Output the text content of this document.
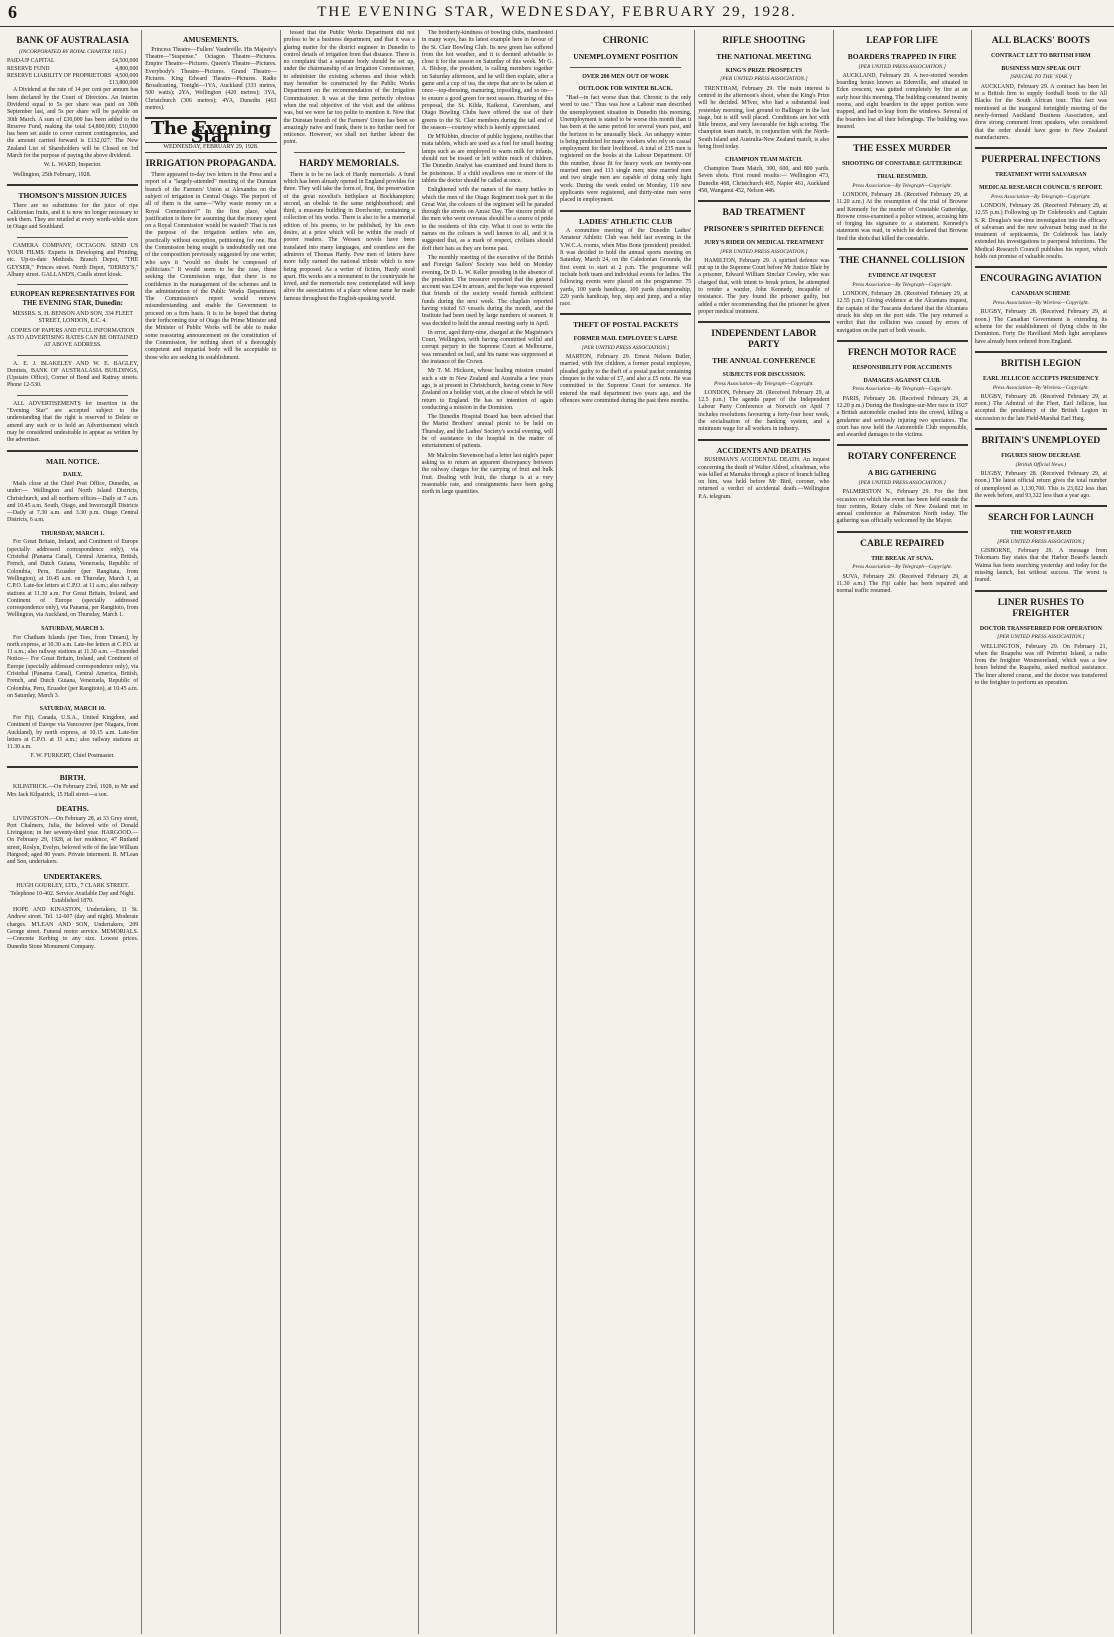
6	THE EVENING STAR, WEDNESDAY, FEBRUARY 29, 1928.
BANK OF AUSTRALASIA
(INCORPORATED BY ROYAL CHARTER 1835.)
PAID-UP CAPITAL	£4,500,000
RESERVE FUND	4,800,000
RESERVE LIABILITY OF PROPRIETORS 4,500,000
£13,800,000

A Dividend at the rate of 14 per cent per annum has been declared by the Court of Directors. An Interim Dividend equal to 5s per share was paid on 30th September last, and 5s per share will be payable on 30th March. A sum of £30,000 has been added to the Reserve Fund, making the total £4,800,000; £10,000 has been set aside to cover current contingencies, and the amount carried forward is £132,027. The New Zealand List of Shareholders will be Closed on 3rd March for the purpose of paying the above dividend.

W. L. WARD, Inspector.

Wellington, 25th February, 1928.

THOMSON'S MISSION JUICES

There are no substitutes for the juice of ripe Californian fruits, and it is now no longer necessary to seek them. They are retailed at every worth-while store in Otago and Southland.

CAMERA COMPANY, OCTAGON. SEND US YOUR FILMS. Experts in Developing and Printing, etc. Up-to-date Methods. Branch Depot, "THE GEYSER," Princes street. North Depot, "DERBY'S," Albany street. GALLAND'S, Caulls street kiosk.

EUROPEAN REPRESENTATIVES FOR THE EVENING STAR, Dunedin:

MESSRS. S. H. BENSON AND SON, 334 FLEET STREET, LONDON, E.C. 4.

COPIES OF PAPERS AND FULL INFORMATION AS TO ADVERTISING RATES CAN BE OBTAINED AT ABOVE ADDRESS.

A. E. J. BLAKELEY AND W. E. BAGLEY, Dentists, BANK OF AUSTRALASIA BUILDINGS, (Upstairs Office), Corner of Bond and Rattray streets. Phone 12-530.

ALL ADVERTISEMENTS for insertion in the "Evening Star" are accepted subject to the understanding that the right is reserved to Delete or amend any such or to hold an Advertisement which may be considered undesirable to appear as written by the advertiser.

MAIL NOTICE.
DAILY.

Mails close at the Chief Post Office, Dunedin, as under:— Wellington and North Island Districts, Christchurch, and all northern offices—Daily at 7 a.m. and 10.45 a.m. South, Otago, and Invercargill Districts—Daily at 7.30 a.m. and 3.30 p.m. Otago Central Districts, 6 a.m.

THURSDAY, MARCH 1.

For Great Britain, Ireland, and Continent of Europe (specially addressed correspondence only), via Cristobal (Panama Canal), Central America, British, French, and Dutch Guiana, Venezuela, Republic of Colombia, Peru, Ecuador (per Rangitata, from Wellington), at 10.45 a.m. on Thursday, March 1, at C.P.O. Late-fee letters at C.P.O. at 11 a.m.; also railway stations at 11.30 a.m. For Great Britain, Ireland, and Continent of Europe (specially addressed correspondence only), via Panama, per Rangitoto, from Wellington, via Auckland, on Thursday, March 1.

SATURDAY, MARCH 3.

For Chatham Islands (per Tees, from Timaru), by north express, at 10.30 a.m. Late-fee letters at C.P.O. at 11 a.m.; also railway stations at 11.30 a.m. —Extended Notice— For Great Britain, Ireland, and Continent of Europe (specially addressed correspondence only), via Cristobal (Panama Canal), Central America, British, French, and Dutch Guiana, Venezuela, Republic of Colombia, Peru, Ecuador (per Rangitoto), at 10.45 a.m. on Saturday, March 3.

SATURDAY, MARCH 10.

For Fiji, Canada, U.S.A., United Kingdom, and Continent of Europe via Vancouver (per Niagara, from Auckland), by north express, at 10.15 a.m. Late-fee letters at C.P.O. at 11 a.m.; also railway stations at 11.30 a.m.

F. W. FURKERT, Chief Postmaster.

BIRTH.

KILPATRICK.—On February 23rd, 1928, to Mr and Mrs Jack Kilpatrick, 15 Hall street—a son.

DEATHS.

LIVINGSTON.—On February 28, at 33 Grey street, Port Chalmers, Julia, the beloved wife of Donald Livingston; in her seventy-third year. HARGOOD.—On February 29, 1928, at her residence, 47 Rutland street, Roslyn, Evelyn, beloved wife of the late William Hargood; aged 80 years. Private interment. R. M'Lean and Son, undertakers.

UNDERTAKERS.

HUGH GOURLEY, LTD., 7 CLARK STREET. Telephone 10-402. Service Available Day and Night. Established 1870.

HOPE AND KINASTON, Undertakers, 11 St. Andrew street. Tel. 12-607 (day and night). Moderate charges. M'LEAN AND SON, Undertakers, 209 George street. Funeral motor service. MEMORIALS.—Concrete Kerbing to any size. Lowest prices. Dunedin Stone Monument Company.

AMUSEMENTS.

Princess Theatre—Fullers' Vaudeville. His Majesty's Theatre—"Suspense." Octagon Theatre—Pictures. Empire Theatre—Pictures. Queen's Theatre—Pictures. Everybody's Theatre—Pictures. Grand Theatre—Pictures. King Edward Theatre—Pictures. Radio Broadcasting, Tonight—1YA, Auckland (333 metres, 500 watts); 2YA, Wellington (420 metres); 3YA, Christchurch (306 metres); 4YA, Dunedin (463 metres).

The Evening Star
WEDNESDAY, FEBRUARY 29, 1928.
IRRIGATION PROPAGANDA.

There appeared to-day two letters in the Press and a report of a "largely-attended" meeting of the Dunstan branch of the Farmers' Union at Alexandra on the subject of irrigation in Central Otago. The purport of all of them is the same—"Why waste money on a Royal Commission?" In the first place, what justification is there for assuming that the money spent on a Royal Commission would be wasted? That is not the purpose of the irrigation settlers who are, practically without exception, petitioning for one. But the Commission being sought is undoubtedly not one of the composition previously suggested by one writer, who says it "would no doubt be composed of politicians." It would seem to be the case, those seeking the Commission urge, that there is no confidence in the management of the schemes and in the administration of the Public Works Department. The Commission's report would remove misunderstanding and enable the Government to proceed on a firm basis. It is to be hoped that during their forthcoming tour of Otago the Prime Minister and the Minister of Public Works will be able to make some reassuring announcement on the constitution of the Commission, for nothing short of a thoroughly competent and impartial body will be acceptable to those who are seeking its establishment.

fessed that the Public Works Department did not profess to be a business department, and that it was a glaring matter for the district engineer in Dunedin to control details of irrigation from that distance. There is no complaint that a separate body should be set up, under the chairmanship of an Irrigation Commissioner, to administer the existing schemes and those which may hereafter be constructed by the Public Works Department on the recommendation of the Irrigation Commissioner. It was at the time perfectly obvious when the real objective of the visit and the address was, but we were far too polite to mention it. Now that the Dunstan branch of the Farmers' Union has been so amazingly naive and frank, there is no further need for reticence. However, we shall not further labour the point.

HARDY MEMORIALS.

There is to be no lack of Hardy memorials. A fund which has been already opened in England provides for three. They will take the form of, first, the preservation of the great novelist's birthplace at Bockhampton; second, an obelisk in the same neighbourhood; and third, a museum building in Dorchester, containing a collection of his works. There is also to be a memorial edition of his poems, to be published, by his own desire, at a price which will be within the reach of poorer readers. The Wessex novels have been translated into many languages, and countless are the admirers of Thomas Hardy. Few men of letters have more fully earned the national tribute which is now being proposed. As a writer of fiction, Hardy stood apart. His works are a monument to the countryside he loved, and the memorials now contemplated will keep alive the associations of a place whose name he made famous throughout the English-speaking world.

The brotherly-kindness of bowling clubs, manifested in many ways, has its latest example here in favour of the St. Clair Bowling Club. Its new green has suffered from the hot weather, and it is deemed advisable to close it for the season on Saturday of this week. Mr G. A. Bishop, the president, is calling members together on Saturday afternoon, and he will then explain, after a game and a cup of tea, the steps that are to be taken at once—top-dressing, manuring, topsoiling, and so on—to ensure a good green for next season. Hearing of this proposal, the St. Kilda, Kaikorai, Caversham, and Otago Bowling Clubs have offered the use of their greens to the St. Clair members during the tail end of the season—courtesy which is keenly appreciated.

Dr M'Kibbin, director of public hygiene, notifies that mata tablets, which are used as a fuel for small heating lamps such as are employed to warm milk for infants, should not be tossed or left within reach of children. The Dunedin Analyst has examined and found them to be poisonous. If a child swallows one or more of the tablets the doctor should be called at once.

Enlightened with the names of the many battles in which the men of the Otago Regiment took part in the Great War, the colours of the regiment will be paraded through the streets on Anzac Day. The sincere pride of the men who went overseas should be a source of pride to the residents of this city. What it cost to write the names on the colours is well known to all, and it is suggested that, as a mark of respect, civilians should doff their hats as they are borne past.

The monthly meeting of the executive of the British and Foreign Sailors' Society was held on Monday evening, Dr D. L. W. Keller presiding in the absence of the president. The treasurer reported that the general account was £24 in arrears, and the hope was expressed that friends of the society would furnish sufficient funds during the next week. The chaplain reported having visited 63 vessels during the month, and the Institute had been used by large numbers of seamen. It was decided to hold the annual meeting early in April.

In error, aged thirty-nine, charged at the Magistrate's Court, Wellington, with having committed wilful and corrupt perjury in the Supreme Court at Melbourne, was remanded on bail, and his name was suppressed at the instance of the Crown.

Mr T. M. Hickson, whose healing mission created such a stir in New Zealand and Australia a few years ago, is at present in Christchurch, having come to New Zealand on a holiday visit, at the close of which he will return to England. He has no intention of again conducting a mission in the Dominion.

The Dunedin Hospital Board has been advised that the Marist Brothers' annual picnic to be held on Thursday, and the Ladies' Society's social evening, will be of assistance to the hospital in the matter of entertainment of patients.

Mr Malcolm Stevenson had a letter last night's paper asking us to return an apparent discrepancy between the railway charges for the carrying of fruit and bulk fruit. Dealing with fruit, the charge is at a very reasonable rate, and consignments have been going north in large quantities.

CHRONIC
UNEMPLOYMENT POSITION
OVER 200 MEN OUT OF WORK
OUTLOOK FOR WINTER BLACK.

"Bad—in fact worse than that. Chronic is the only word to use." Thus was how a Labour man described the unemployment situation in Dunedin this morning. Unemployment is stated to be worse this month than it has been at the same period for several years past, and the horizon to be unusually black. An unhappy winter is being predicted for many workers who rely on casual employment for their livelihood. A total of 235 men is registered on the books at the Labour Department. Of this number, those fit for heavy work are twenty-one married men and 113 single men; nine married men and two single men are capable of doing only light work. During the week ended on Monday, 119 new applicants were registered, and thirty-nine men were placed in employment.

LADIES' ATHLETIC CLUB

A committee meeting of the Dunedin Ladies' Amateur Athletic Club was held last evening in the Y.W.C.A. rooms, when Miss Bone (president) presided. It was decided to hold the annual sports meeting on Saturday, March 24, on the Caledonian Grounds, the first event to start at 2 p.m. The programme will include both team and individual events for ladies. The following events were placed on the programme: 75 yards, 100 yards handicap, 100 yards championship, 220 yards handicap, hop, step and jump, and a relay race.

THEFT OF POSTAL PACKETS
FORMER MAIL EMPLOYEE'S LAPSE
[PER UNITED PRESS ASSOCIATION.]

MARTON, February 29. Ernest Nelson Butler, married, with five children, a former postal employee, pleaded guilty to the theft of a postal packet containing cheques to the value of £7, and also a £5 note. He was committed to the Supreme Court for sentence. He entered the mail department two years ago, and the offences were committed during the past three months.

RIFLE SHOOTING
THE NATIONAL MEETING
KING'S PRIZE PROSPECTS
[PER UNITED PRESS ASSOCIATION.]

TRENTHAM, February 29. The main interest is centred in the afternoon's shoot, when the King's Prize will be decided. M'Iver, who had a substantial lead yesterday morning, lost ground to Ballinger in the last stage, but is still well placed. Conditions are hot with little breeze, and very favourable for high scoring. The champion team match, in conjunction with the North-South Island and Australia-New Zealand match, is also being fired today.

CHAMPION TEAM MATCH.

Champion Team Match, 300, 600, and 800 yards. Seven shots. First round results:— Wellington 473, Dunedin 468, Christchurch 465, Napier 461, Auckland 458, Wanganui 452, Nelson 446.

BAD TREATMENT
PRISONER'S SPIRITED DEFENCE
JURY'S RIDER ON MEDICAL TREATMENT
[PER UNITED PRESS ASSOCIATION.]

HAMILTON, February 29. A spirited defence was put up in the Supreme Court before Mr Justice Blair by a prisoner, Edward William Sinclair Cowley, who was charged that, with intent to break prison, he attempted to render a warder, John Kennedy, incapable of resistance. The jury found the prisoner guilty, but added a rider recommending that the prisoner be given proper medical treatment.

INDEPENDENT LABOR PARTY
THE ANNUAL CONFERENCE
SUBJECTS FOR DISCUSSION.
Press Association—By Telegraph—Copyright.

LONDON, February 28. (Received February 29, at 12.5 p.m.) The agenda paper of the Independent Labour Party Conference at Norwich on April 7 includes resolutions favouring a forty-four hour week, the socialisation of the banking system, and a minimum wage for all workers in industry.

ACCIDENTS AND DEATHS

BUSHMAN'S ACCIDENTAL DEATH. An inquest concerning the death of Walter Aldred, a bushman, who was killed at Mamaku through a piece of branch falling on him, was held before Mr Bird, coroner, who returned a verdict of accidental death.—Wellington P.A. telegram.

LEAP FOR LIFE
BOARDERS TRAPPED IN FIRE
[PER UNITED PRESS ASSOCIATION.]

AUCKLAND, February 29. A two-storied wooden boarding house known as Edenville, and situated in Eden crescent, was gutted completely by fire at an early hour this morning. The building contained twenty rooms, and eight boarders in the upper portion were trapped, and had to leap from the windows. Several of the boarders lost all their belongings. The building was insured.

THE ESSEX MURDER
SHOOTING OF CONSTABLE GUTTERIDGE
TRIAL RESUMED.
Press Association—By Telegraph—Copyright.

LONDON, February 28. (Received February 29, at 11.20 a.m.) At the resumption of the trial of Browne and Kennedy for the murder of Constable Gutteridge, Browne cross-examined a police witness, accusing him of forging his signature to a statement. Kennedy's statement was read, in which he declared that Browne fired the shots that killed the constable.

THE CHANNEL COLLISION
EVIDENCE AT INQUEST
Press Association—By Telegraph—Copyright.

LONDON, February 28. (Received February 29, at 12.55 p.m.) Giving evidence at the Alcantara inquest, the captain of the Tuscania declared that the Alcantara struck his ship on the port side. The jury returned a verdict that the collision was caused by errors of navigation on the part of both vessels.

FRENCH MOTOR RACE
RESPONSIBILITY FOR ACCIDENTS
DAMAGES AGAINST CLUB.
Press Association—By Telegraph—Copyright.

PARIS, February 28. (Received February 29, at 12.20 p.m.) During the Boulogne-sur-Mer race in 1927 a British automobile crashed into the crowd, killing a gendarme and seriously injuring two spectators. The court has now held the Automobile Club responsible, and awarded damages to the victims.

ROTARY CONFERENCE
A BIG GATHERING
[PER UNITED PRESS ASSOCIATION.]

PALMERSTON N., February 29. For the first occasion on which the event has been held outside the four centres, Rotary clubs of New Zealand met in annual conference at Palmerston North today. The gathering was officially welcomed by the Mayor.

CABLE REPAIRED
THE BREAK AT SUVA.
Press Association—By Telegraph—Copyright.

SUVA, February 29. (Received February 29, at 11.30 a.m.) The Fiji cable has been repaired and normal traffic resumed.

ALL BLACKS' BOOTS
CONTRACT LET TO BRITISH FIRM
BUSINESS MEN SPEAK OUT
[SPECIAL TO THE 'STAR.']

AUCKLAND, February 29. A contract has been let to a British firm to supply football boots to the All Blacks for the South African tour. This fact was mentioned at the inaugural fortnightly meeting of the newly-formed Auckland Business Association, and drew strong comment from speakers, who considered that the order should have gone to New Zealand manufacturers.

PUERPERAL INFECTIONS
TREATMENT WITH SALVARSAN
MEDICAL RESEARCH COUNCIL'S REPORT.
Press Association—By Telegraph—Copyright.

LONDON, February 28. (Received February 29, at 12.55 p.m.) Following up Dr Colebrook's and Captain S. R. Douglas's war-time investigation into the efficacy of salvarsan and the new salvarsan being used in the treatment of septicaemia, Dr Colebrook has lately extended his investigations to puerperal infections. The Medical Research Council publishes his report, which holds out promise of valuable results.

ENCOURAGING AVIATION
CANADIAN SCHEME
Press Association—By Wireless—Copyright.

RUGBY, February 28. (Received February 29, at noon.) The Canadian Government is extending its scheme for the establishment of flying clubs in the Dominion. Forty De Havilland Moth light aeroplanes have already been ordered from England.

BRITISH LEGION
EARL JELLICOE ACCEPTS PRESIDENCY
Press Association—By Wireless—Copyright.

RUGBY, February 28. (Received February 29, at noon.) The Admiral of the Fleet, Earl Jellicoe, has accepted the presidency of the British Legion in succession to the late Field-Marshal Earl Haig.

BRITAIN'S UNEMPLOYED
FIGURES SHOW DECREASE
(British Official News.)

RUGBY, February 28. (Received February 29, at noon.) The latest official return gives the total number of unemployed as 1,130,700. This is 23,022 less than the week before, and 93,322 less than a year ago.

SEARCH FOR LAUNCH
THE WORST FEARED
[PER UNITED PRESS ASSOCIATION.]

GISBORNE, February 29. A message from Tokomaru Bay states that the Harbor Board's launch Waima has been searching yesterday and today for the missing launch, but without success. The worst is feared.

LINER RUSHES TO FREIGHTER
DOCTOR TRANSFERRED FOR OPERATION
[PER UNITED PRESS ASSOCIATION.]

WELLINGTON, February 29. On February 21, when the Ruapehu was off Petrerini Island, a radio from the freighter Westmoreland, which was a few hours behind the Ruapehu, asked medical assistance. The liner altered course, and the doctor was transferred to the freighter to perform an operation.
